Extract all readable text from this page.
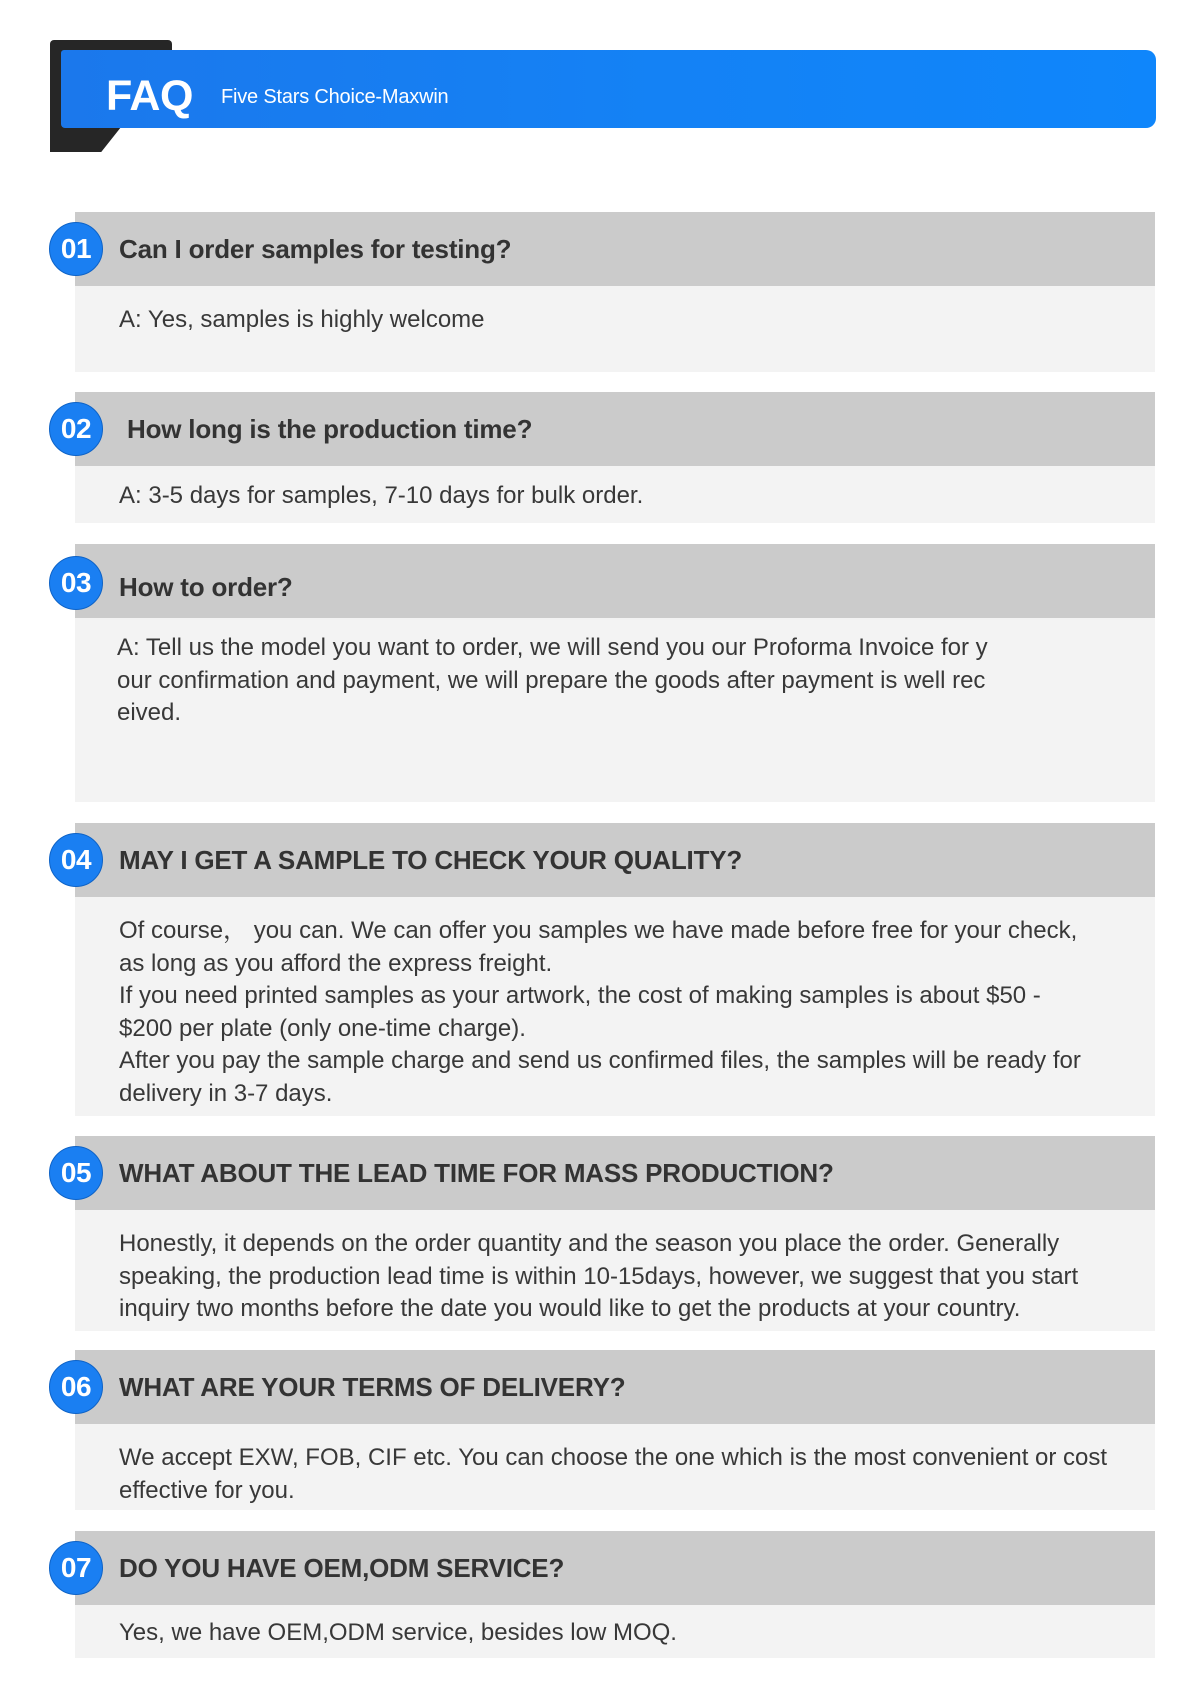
FAQ Five Stars Choice-Maxwin
Can I order samples for testing?
A: Yes, samples is highly welcome
01
How long is the production time?
A: 3-5 days for samples, 7-10 days for bulk order.
02
How to order?
A: Tell us the model you want to order, we will send you our Proforma Invoice for y
our confirmation and payment, we will prepare the goods after payment is well rec
eived.
03
MAY I GET A SAMPLE TO CHECK YOUR QUALITY?
Of course， you can. We can offer you samples we have made before free for your check,
as long as you afford the express freight.
If you need printed samples as your artwork, the cost of making samples is about $50 -
$200 per plate (only one-time charge).
After you pay the sample charge and send us confirmed files, the samples will be ready for
delivery in 3-7 days.
04
WHAT ABOUT THE LEAD TIME FOR MASS PRODUCTION?
Honestly, it depends on the order quantity and the season you place the order. Generally
speaking, the production lead time is within 10-15days, however, we suggest that you start
inquiry two months before the date you would like to get the products at your country.
05
WHAT ARE YOUR TERMS OF DELIVERY?
We accept EXW, FOB, CIF etc. You can choose the one which is the most convenient or cost
effective for you.
06
DO YOU HAVE OEM,ODM SERVICE?
Yes, we have OEM,ODM service, besides low MOQ.
07
